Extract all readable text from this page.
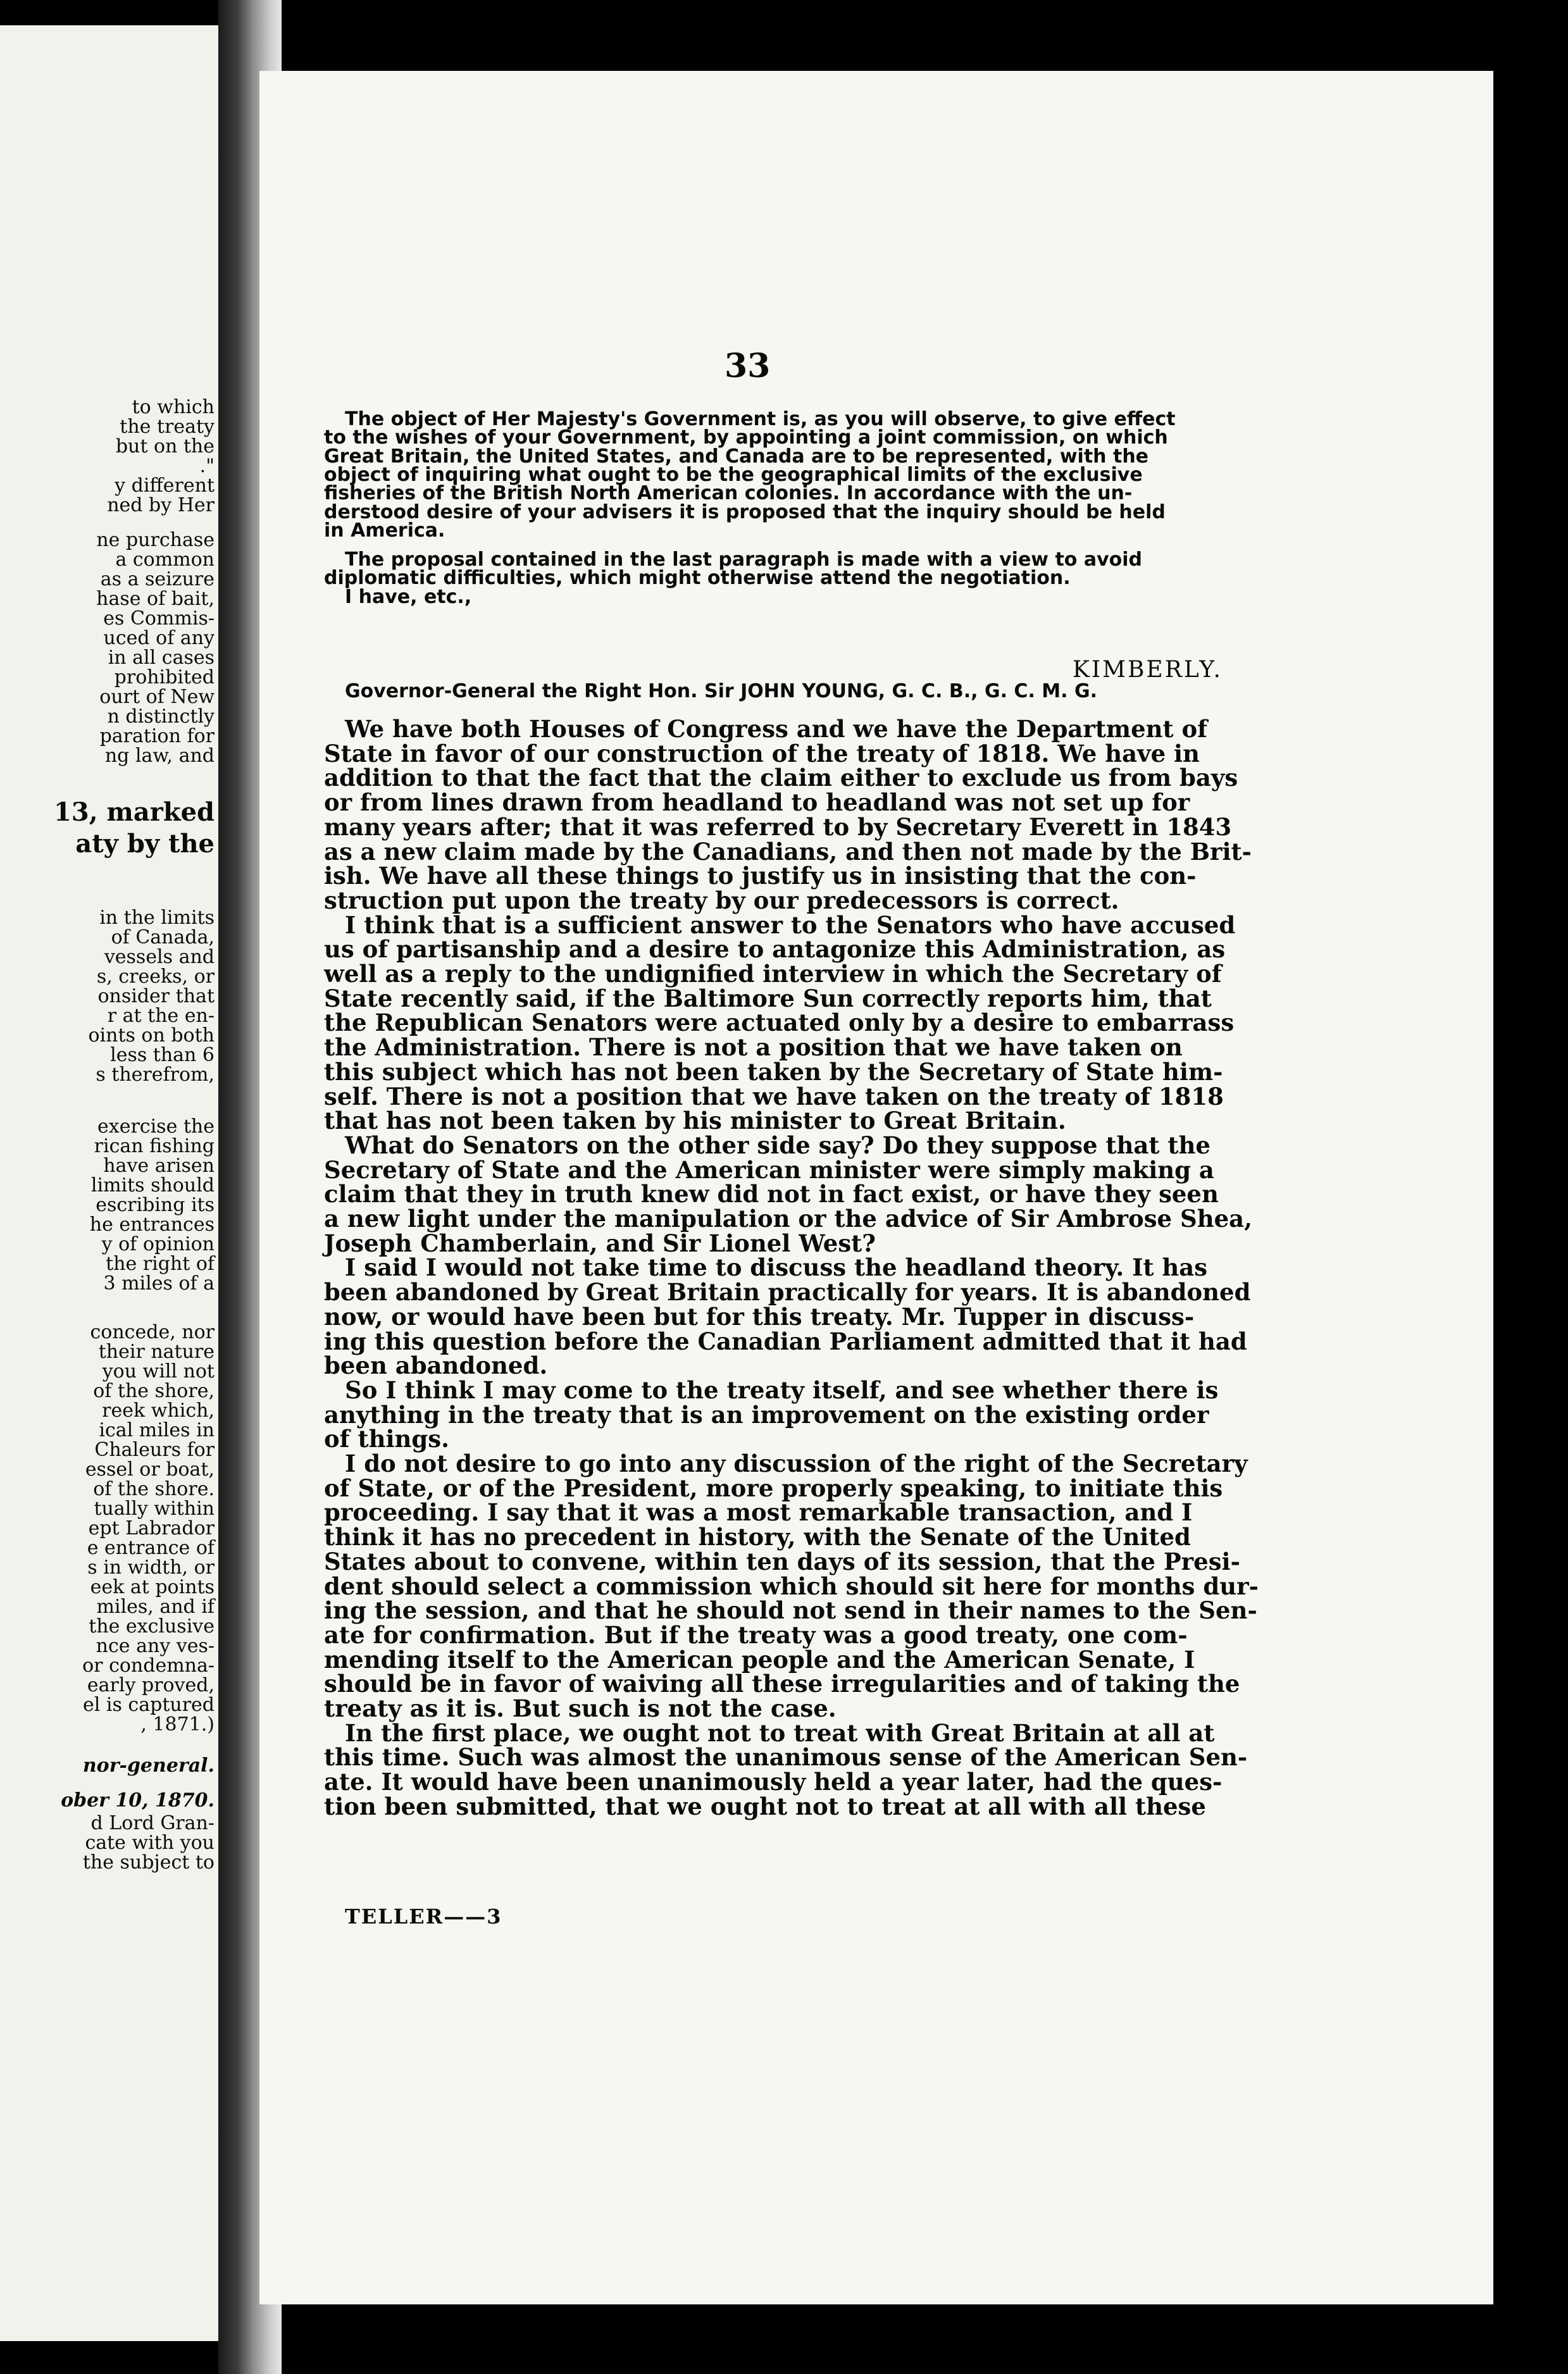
to which
the treaty
but on the
."
y different
ned by Her
ne purchase
a common
as a seizure
hase of bait,
es Commis-
uced of any
in all cases
prohibited
ourt of New
n distinctly
paration for
ng law, and
13, marked
aty by the
in the limits
of Canada,
vessels and
s, creeks, or
onsider that
r at the en-
oints on both
less than 6
s therefrom,
exercise the
rican fishing
have arisen
limits should
escribing its
he entrances
y of opinion
the right of
3 miles of a
concede, nor
their nature
you will not
of the shore,
reek which,
ical miles in
Chaleurs for
essel or boat,
of the shore.
tually within
ept Labrador
e entrance of
s in width, or
eek at points
miles, and if
the exclusive
nce any ves-
or condemna-
early proved,
el is captured
, 1871.)
nor-general.
ober 10, 1870.
d Lord Gran-
cate with you
the subject to
33
The object of Her Majesty's Government is, as you will observe, to give effect
to the wishes of your Government, by appointing a joint commission, on which
Great Britain, the United States, and Canada are to be represented, with the
object of inquiring what ought to be the geographical limits of the exclusive
fisheries of the British North American colonies. In accordance with the un-
derstood desire of your advisers it is proposed that the inquiry should be held
in America.
The proposal contained in the last paragraph is made with a view to avoid
diplomatic difficulties, which might otherwise attend the negotiation.
I have, etc.,
KIMBERLY.
Governor-General the Right Hon. Sir JOHN YOUNG, G. C. B., G. C. M. G.
We have both Houses of Congress and we have the Department of
State in favor of our construction of the treaty of 1818. We have in
addition to that the fact that the claim either to exclude us from bays
or from lines drawn from headland to headland was not set up for
many years after; that it was referred to by Secretary Everett in 1843
as a new claim made by the Canadians, and then not made by the Brit-
ish. We have all these things to justify us in insisting that the con-
struction put upon the treaty by our predecessors is correct.
I think that is a sufficient answer to the Senators who have accused
us of partisanship and a desire to antagonize this Administration, as
well as a reply to the undignified interview in which the Secretary of
State recently said, if the Baltimore Sun correctly reports him, that
the Republican Senators were actuated only by a desire to embarrass
the Administration. There is not a position that we have taken on
this subject which has not been taken by the Secretary of State him-
self. There is not a position that we have taken on the treaty of 1818
that has not been taken by his minister to Great Britain.
What do Senators on the other side say? Do they suppose that the
Secretary of State and the American minister were simply making a
claim that they in truth knew did not in fact exist, or have they seen
a new light under the manipulation or the advice of Sir Ambrose Shea,
Joseph Chamberlain, and Sir Lionel West?
I said I would not take time to discuss the headland theory. It has
been abandoned by Great Britain practically for years. It is abandoned
now, or would have been but for this treaty. Mr. Tupper in discuss-
ing this question before the Canadian Parliament admitted that it had
been abandoned.
So I think I may come to the treaty itself, and see whether there is
anything in the treaty that is an improvement on the existing order
of things.
I do not desire to go into any discussion of the right of the Secretary
of State, or of the President, more properly speaking, to initiate this
proceeding. I say that it was a most remarkable transaction, and I
think it has no precedent in history, with the Senate of the United
States about to convene, within ten days of its session, that the Presi-
dent should select a commission which should sit here for months dur-
ing the session, and that he should not send in their names to the Sen-
ate for confirmation. But if the treaty was a good treaty, one com-
mending itself to the American people and the American Senate, I
should be in favor of waiving all these irregularities and of taking the
treaty as it is. But such is not the case.
In the first place, we ought not to treat with Great Britain at all at
this time. Such was almost the unanimous sense of the American Sen-
ate. It would have been unanimously held a year later, had the ques-
tion been submitted, that we ought not to treat at all with all these
TELLER——3
